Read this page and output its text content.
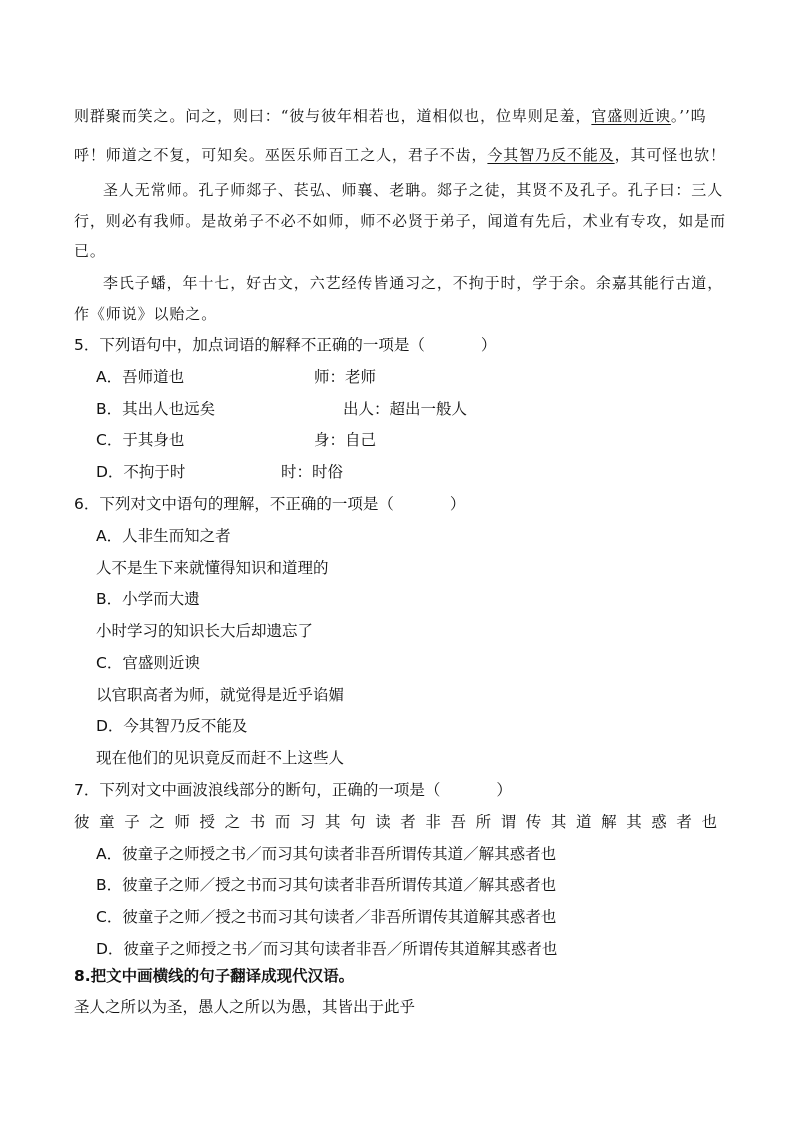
则群聚而笑之。问之，则曰：“彼与彼年相若也，道相似也，位卑则足羞，官盛则近谀。’’呜
呼！师道之不复，可知矣。巫医乐师百工之人，君子不齿，今其智乃反不能及，其可怪也欤！
圣人无常师。孔子师郯子、苌弘、师襄、老聃。郯子之徒，其贤不及孔子。孔子曰：三人
行，则必有我师。是故弟子不必不如师，师不必贤于弟子，闻道有先后，术业有专攻，如是而
已。
李氏子蟠，年十七，好古文，六艺经传皆通习之，不拘于时，学于余。余嘉其能行古道，
作《师说》以贻之。
5．下列语句中，加点词语的解释不正确的一项是（	）
A．吾师道也	师：老师
B．其出人也远矣	出人：超出一般人
C．于其身也	身：自己
D．不拘于时	时：时俗
6．下列对文中语句的理解，不正确的一项是（	）
A．人非生而知之者
人不是生下来就懂得知识和道理的
B．小学而大遗
小时学习的知识长大后却遗忘了
C．官盛则近谀
以官职高者为师，就觉得是近乎谄媚
D．今其智乃反不能及
现在他们的见识竟反而赶不上这些人
7．下列对文中画波浪线部分的断句，正确的一项是（	）
彼童子之师授之书而习其句读者非吾所谓传其道解其惑者也
A．彼童子之师授之书／而习其句读者非吾所谓传其道／解其惑者也
B．彼童子之师／授之书而习其句读者非吾所谓传其道／解其惑者也
C．彼童子之师／授之书而习其句读者／非吾所谓传其道解其惑者也
D．彼童子之师授之书／而习其句读者非吾／所谓传其道解其惑者也
8.把文中画横线的句子翻译成现代汉语。
圣人之所以为圣，愚人之所以为愚，其皆出于此乎
